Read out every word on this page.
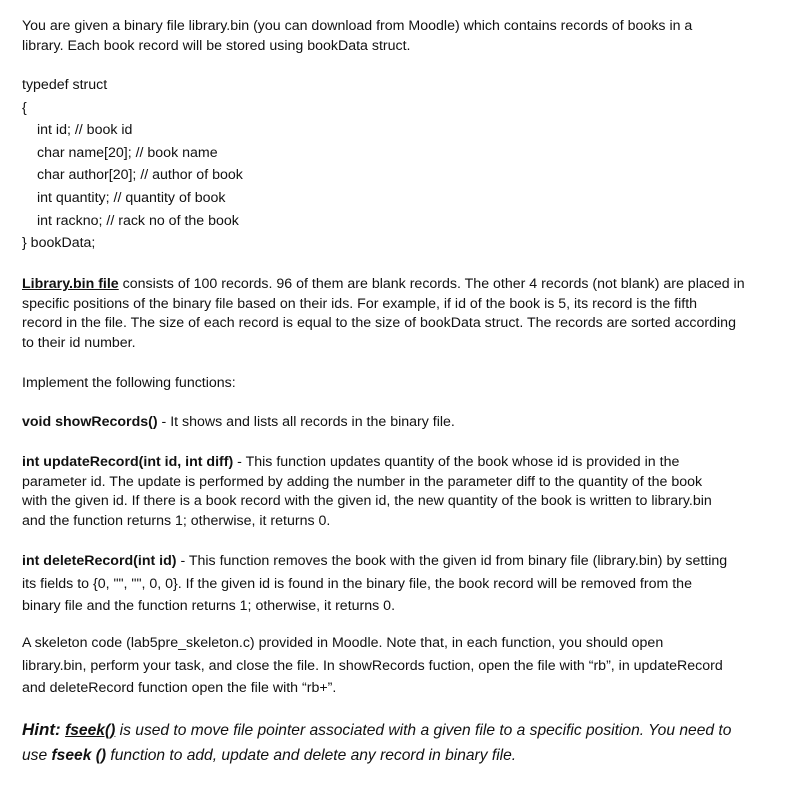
You are given a binary file library.bin (you can download from Moodle) which contains records of books in a
library. Each book record will be stored using bookData struct.
typedef struct
{
int id; // book id
char name[20]; // book name
char author[20]; // author of book
int quantity; // quantity of book
int rackno; // rack no of the book
} bookData;
Library.bin file consists of 100 records. 96 of them are blank records. The other 4 records (not blank) are placed in
specific positions of the binary file based on their ids. For example, if id of the book is 5, its record is the fifth
record in the file. The size of each record is equal to the size of bookData struct. The records are sorted according
to their id number.
Implement the following functions:
void showRecords() - It shows and lists all records in the binary file.
int updateRecord(int id, int diff) - This function updates quantity of the book whose id is provided in the
parameter id. The update is performed by adding the number in the parameter diff to the quantity of the book
with the given id. If there is a book record with the given id, the new quantity of the book is written to library.bin
and the function returns 1; otherwise, it returns 0.
int deleteRecord(int id) - This function removes the book with the given id from binary file (library.bin) by setting
its fields to {0, "", "", 0, 0}. If the given id is found in the binary file, the book record will be removed from the
binary file and the function returns 1; otherwise, it returns 0.
A skeleton code (lab5pre_skeleton.c) provided in Moodle. Note that, in each function, you should open
library.bin, perform your task, and close the file. In showRecords fuction, open the file with “rb”, in updateRecord
and deleteRecord function open the file with “rb+”.
Hint: fseek() is used to move file pointer associated with a given file to a specific position. You need to
use fseek () function to add, update and delete any record in binary file.
